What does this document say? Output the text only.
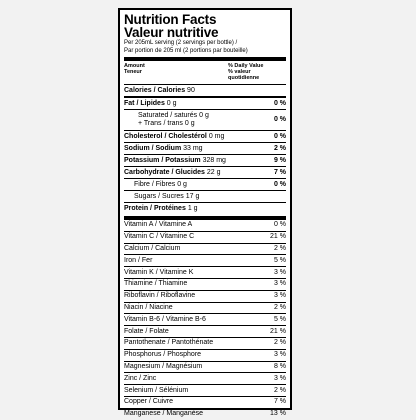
Nutrition Facts
Valeur nutritive
Per 205mL serving (2 servings per bottle) /
Par portion de 205 ml (2 portions par bouteille)
Amount
Teneur
% Daily Value
% valeur
quotidienne
Calories / Calories 90
Fat / Lipides 0 g	0 %
Saturated / saturés 0 g
+ Trans / trans 0 g
0 %
Cholesterol / Cholestérol 0 mg	0 %
Sodium / Sodium 33 mg	2 %
Potassium / Potassium 328 mg	9 %
Carbohydrate / Glucides 22 g	7 %
Fibre / Fibres 0 g	0 %
Sugars / Sucres 17 g
Protein / Protéines 1 g
Vitamin A / Vitamine A	0 %
Vitamin C / Vitamine C	21 %
Calcium / Calcium	2 %
Iron / Fer	5 %
Vitamin K / Vitamine K	3 %
Thiamine / Thiamine	3 %
Riboflavin / Riboflavine	3 %
Niacin / Niacine	2 %
Vitamin B-6 / Vitamine B-6	5 %
Folate / Folate	21 %
Pantothenate / Pantothénate	2 %
Phosphorus / Phosphore	3 %
Magnesium / Magnésium	8 %
Zinc / Zinc	3 %
Selenium / Sélénium	2 %
Copper / Cuivre	7 %
Manganese / Manganèse	13 %
